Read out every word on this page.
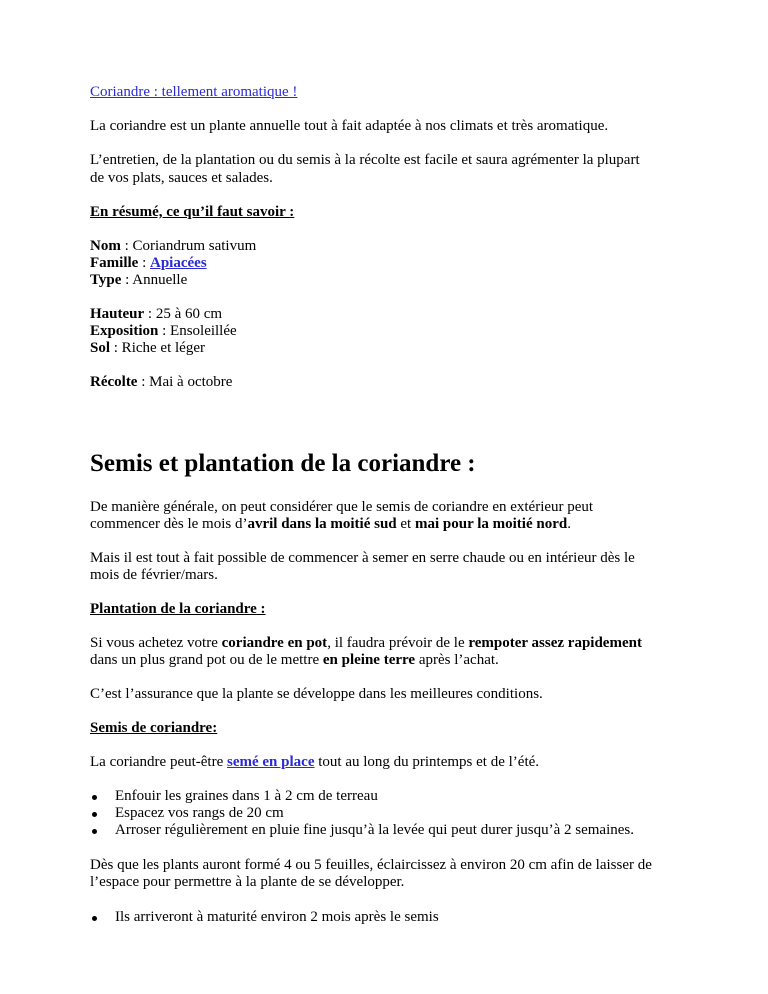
Coriandre : tellement aromatique !

La coriandre est un plante annuelle tout à fait adaptée à nos climats et très aromatique.

L’entretien, de la plantation ou du semis à la récolte est facile et saura agrémenter la plupart

de vos plats, sauces et salades.

En résumé, ce qu’il faut savoir :

Nom : Coriandrum sativum

Famille : Apiacées

Type : Annuelle

Hauteur : 25 à 60 cm

Exposition : Ensoleillée

Sol : Riche et léger

Récolte : Mai à octobre

Semis et plantation de la coriandre :

De manière générale, on peut considérer que le semis de coriandre en extérieur peut

commencer dès le mois d’avril dans la moitié sud et mai pour la moitié nord.

Mais il est tout à fait possible de commencer à semer en serre chaude ou en intérieur dès le

mois de février/mars.

Plantation de la coriandre :

Si vous achetez votre coriandre en pot, il faudra prévoir de le rempoter assez rapidement

dans un plus grand pot ou de le mettre en pleine terre après l’achat.

C’est l’assurance que la plante se développe dans les meilleures conditions.

Semis de coriandre:

La coriandre peut-être semé en place tout au long du printemps et de l’été.

Enfouir les graines dans 1 à 2 cm de terreau

Espacez vos rangs de 20 cm

Arroser régulièrement en pluie fine jusqu’à la levée qui peut durer jusqu’à 2 semaines.

Dès que les plants auront formé 4 ou 5 feuilles, éclaircissez à environ 20 cm afin de laisser de

l’espace pour permettre à la plante de se développer.

Ils arriveront à maturité environ 2 mois après le semis
